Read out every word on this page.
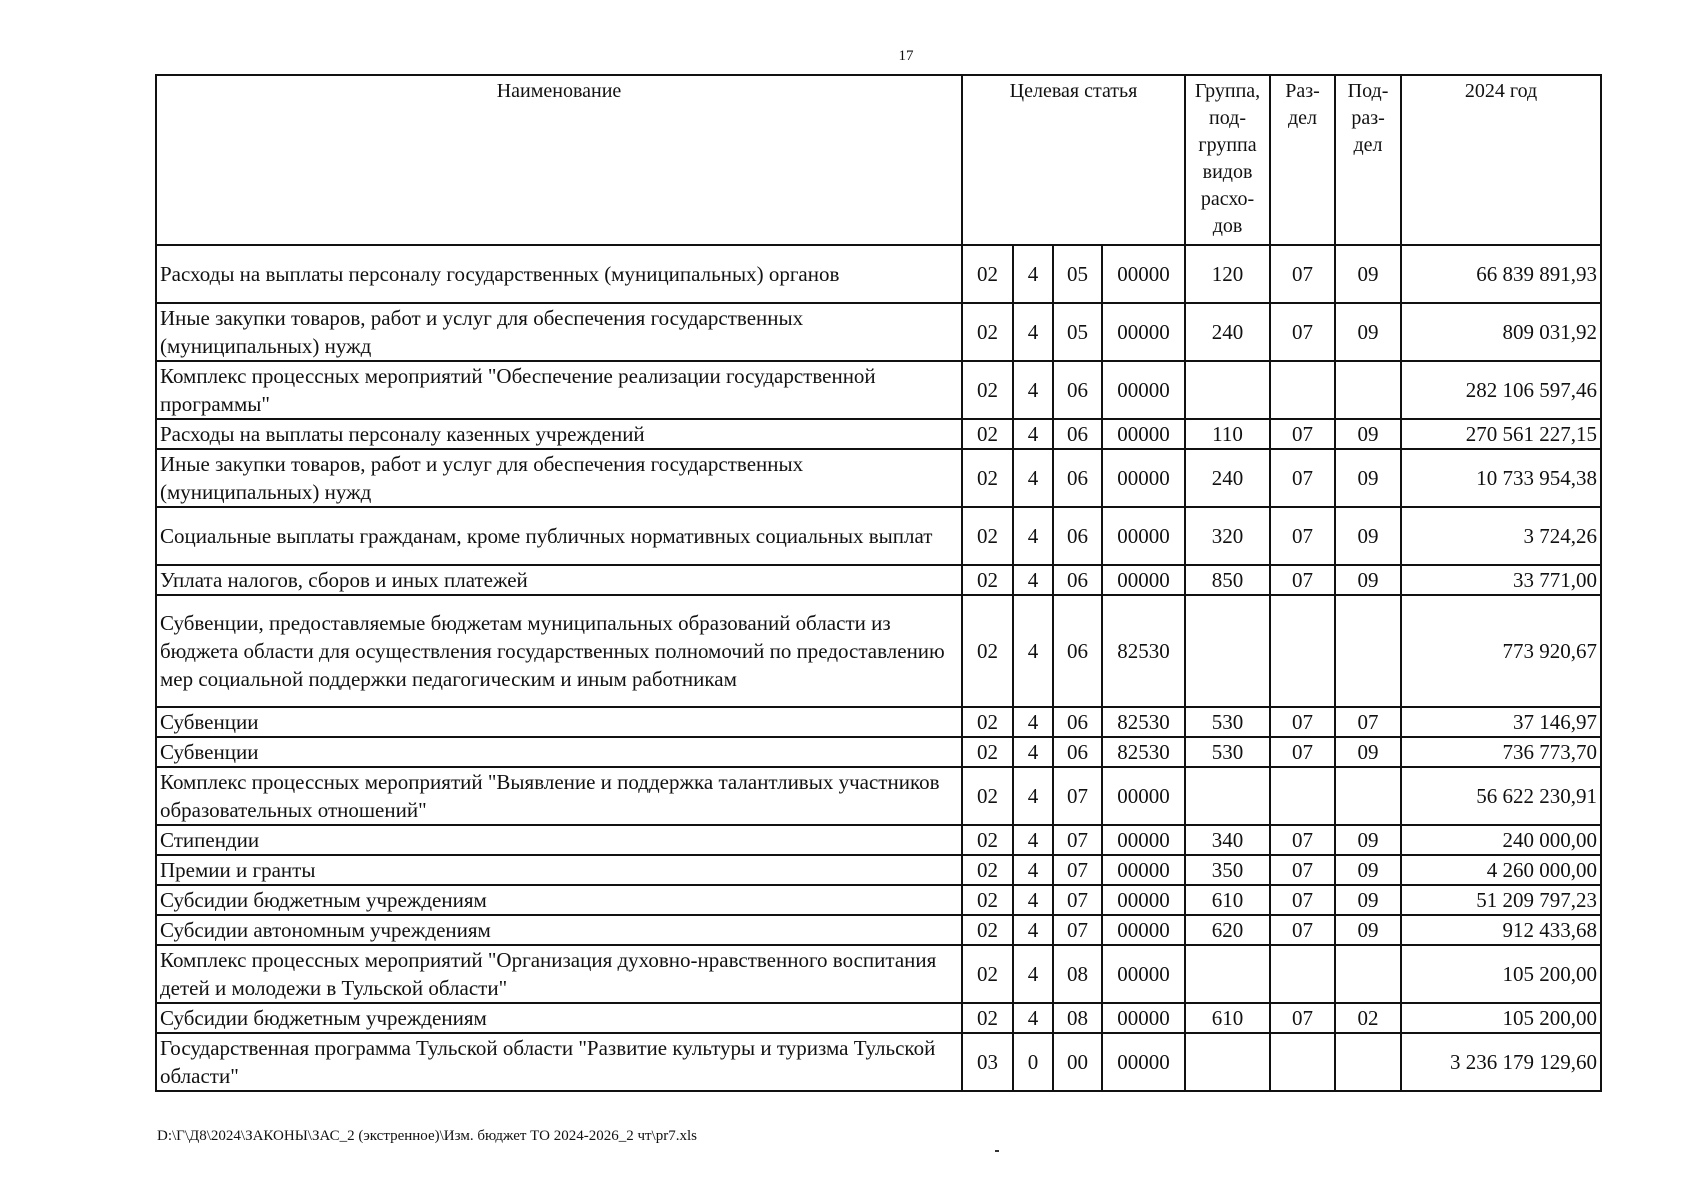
17
Наименование	Целевая статья				Группа, под-группа видов расхо-дов	Раз-дел	Под-раз-дел	2024 год
Расходы на выплаты персоналу государственных (муниципальных) органов	02	4	05	00000	120	07	09	66 839 891,93
Иные закупки товаров, работ и услуг для обеспечения государственных (муниципальных) нужд	02	4	05	00000	240	07	09	809 031,92
Комплекс процессных мероприятий "Обеспечение реализации государственной программы"	02	4	06	00000				282 106 597,46
Расходы на выплаты персоналу казенных учреждений	02	4	06	00000	110	07	09	270 561 227,15
Иные закупки товаров, работ и услуг для обеспечения государственных (муниципальных) нужд	02	4	06	00000	240	07	09	10 733 954,38
Социальные выплаты гражданам, кроме публичных нормативных социальных выплат	02	4	06	00000	320	07	09	3 724,26
Уплата налогов, сборов и иных платежей	02	4	06	00000	850	07	09	33 771,00
Субвенции, предоставляемые бюджетам муниципальных образований области из бюджета области для осуществления государственных полномочий по предоставлению мер социальной поддержки педагогическим и иным работникам	02	4	06	82530				773 920,67
Субвенции	02	4	06	82530	530	07	07	37 146,97
Субвенции	02	4	06	82530	530	07	09	736 773,70
Комплекс процессных мероприятий "Выявление и поддержка талантливых участников образовательных отношений"	02	4	07	00000				56 622 230,91
Стипендии	02	4	07	00000	340	07	09	240 000,00
Премии и гранты	02	4	07	00000	350	07	09	4 260 000,00
Субсидии бюджетным учреждениям	02	4	07	00000	610	07	09	51 209 797,23
Субсидии автономным учреждениям	02	4	07	00000	620	07	09	912 433,68
Комплекс процессных мероприятий "Организация духовно-нравственного воспитания детей и молодежи в Тульской области"	02	4	08	00000				105 200,00
Субсидии бюджетным учреждениям	02	4	08	00000	610	07	02	105 200,00
Государственная программа Тульской области "Развитие культуры и туризма Тульской области"	03	0	00	00000				3 236 179 129,60
D:\Г\Д8\2024\ЗАКОНЫ\ЗАС_2 (экстренное)\Изм. бюджет ТО 2024-2026_2 чт\pr7.xls
